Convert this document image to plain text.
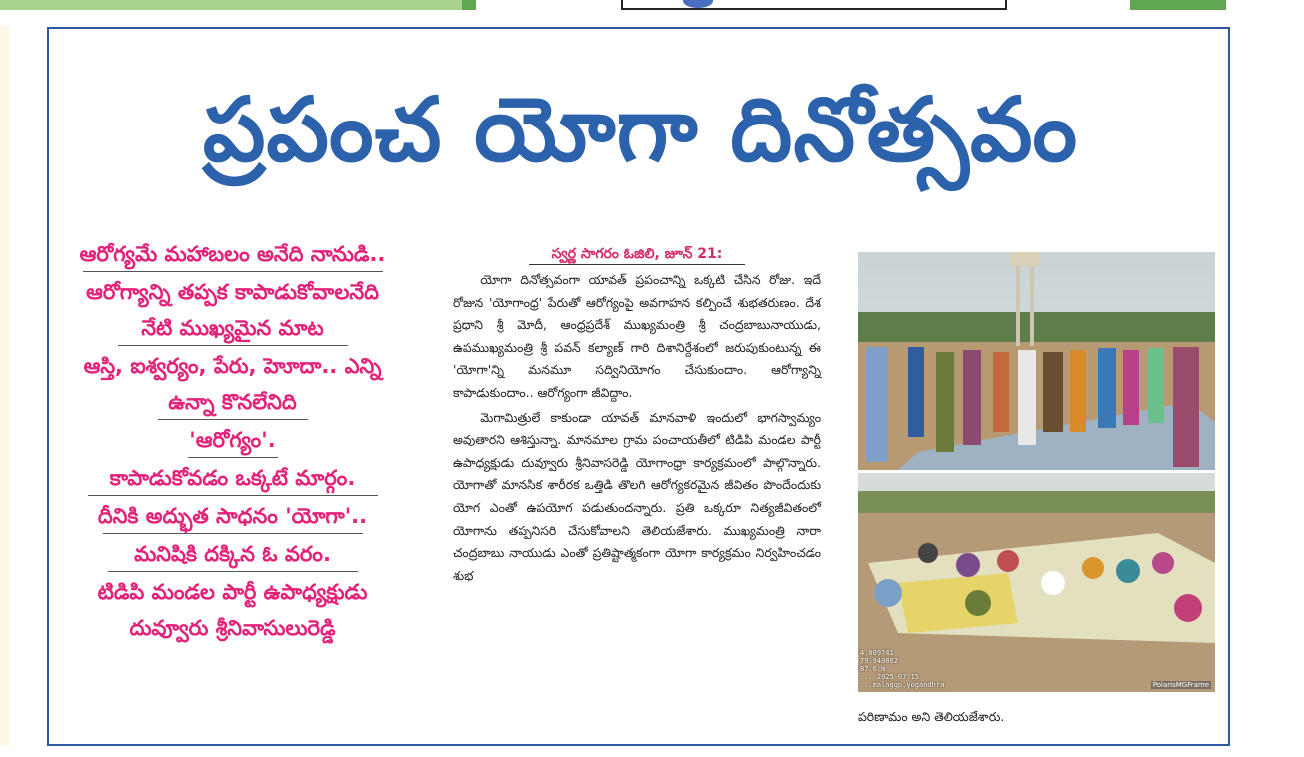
ప్రపంచ యోగా దినోత్సవం
ఆరోగ్యమే మహాబలం అనేది నానుడి..
ఆరోగ్యాన్ని తప్పక కాపాడుకోవాలనేది
నేటి ముఖ్యమైన మాట
ఆస్తి, ఐశ్వర్యం, పేరు, హెూదా.. ఎన్ని
ఉన్నా కొనలేనిది
'ఆరోగ్యం'.
కాపాడుకోవడం ఒక్కటే మార్గం.
దీనికి అద్భుత సాధనం 'యోగా'..
మనిషికి దక్కిన ఓ వరం.
టిడిపి మండల పార్టీ ఉపాధ్యక్షుడు
దువ్వూరు శ్రీనివాసులురెడ్డి
స్వర్ణ సాగరం ఓజిలి, జూన్ 21:

యోగా దినోత్సవంగా యావత్ ప్రపంచాన్ని ఒక్కటి చేసిన రోజు. ఇదే రోజున 'యోగాంధ్ర' పేరుతో ఆరోగ్యంపై అవగాహన కల్పించే శుభతరుణం. దేశ ప్రధాని శ్రీ మోదీ, ఆంధ్రప్రదేశ్ ముఖ్యమంత్రి శ్రీ చంద్రబాబునాయుడు, ఉపముఖ్యమంత్రి శ్రీ పవన్ కల్యాణ్ గారి దిశానిర్దేశంలో జరుపుకుంటున్న ఈ 'యోగా'న్ని మనమూ సద్వినియోగం చేసుకుందాం. ఆరోగ్యాన్ని కాపాడుకుందాం.. ఆరోగ్యంగా జీవిద్దాం.

మెగామిత్రులే కాకుండా యావత్ మానవాళి ఇందులో భాగస్వామ్యం అవుతారని ఆశిస్తున్నా. మానమాల గ్రామ పంచాయతీలో టిడిపి మండల పార్టీ ఉపాధ్యక్షుడు దువ్వూరు శ్రీనివాసరెడ్డి యోగాంధ్రా కార్యక్రమంలో పాల్గొన్నారు. యోగాతో మానసిక శారీరక ఒత్తిడి తొలగి ఆరోగ్యకరమైన జీవితం పొందేందుకు యోగ ఎంతో ఉపయోగ పడుతుందన్నారు. ప్రతి ఒక్కరూ నిత్యజీవితంలో యోగాను తప్పనిసరి చేసుకోవాలని తెలియజేశారు. ముఖ్యమంత్రి నారా చంద్రబాబు నాయుడు ఎంతో ప్రతిష్టాత్మకంగా యోగా కార్యక్రమం నిర్వహించడం శుభ

4.009741
79.940802
87.6 m
... 2025 07:15
...malaggp.yogandhra	PolarisMGFrame
పరిణామం అని తెలియజేశారు.
